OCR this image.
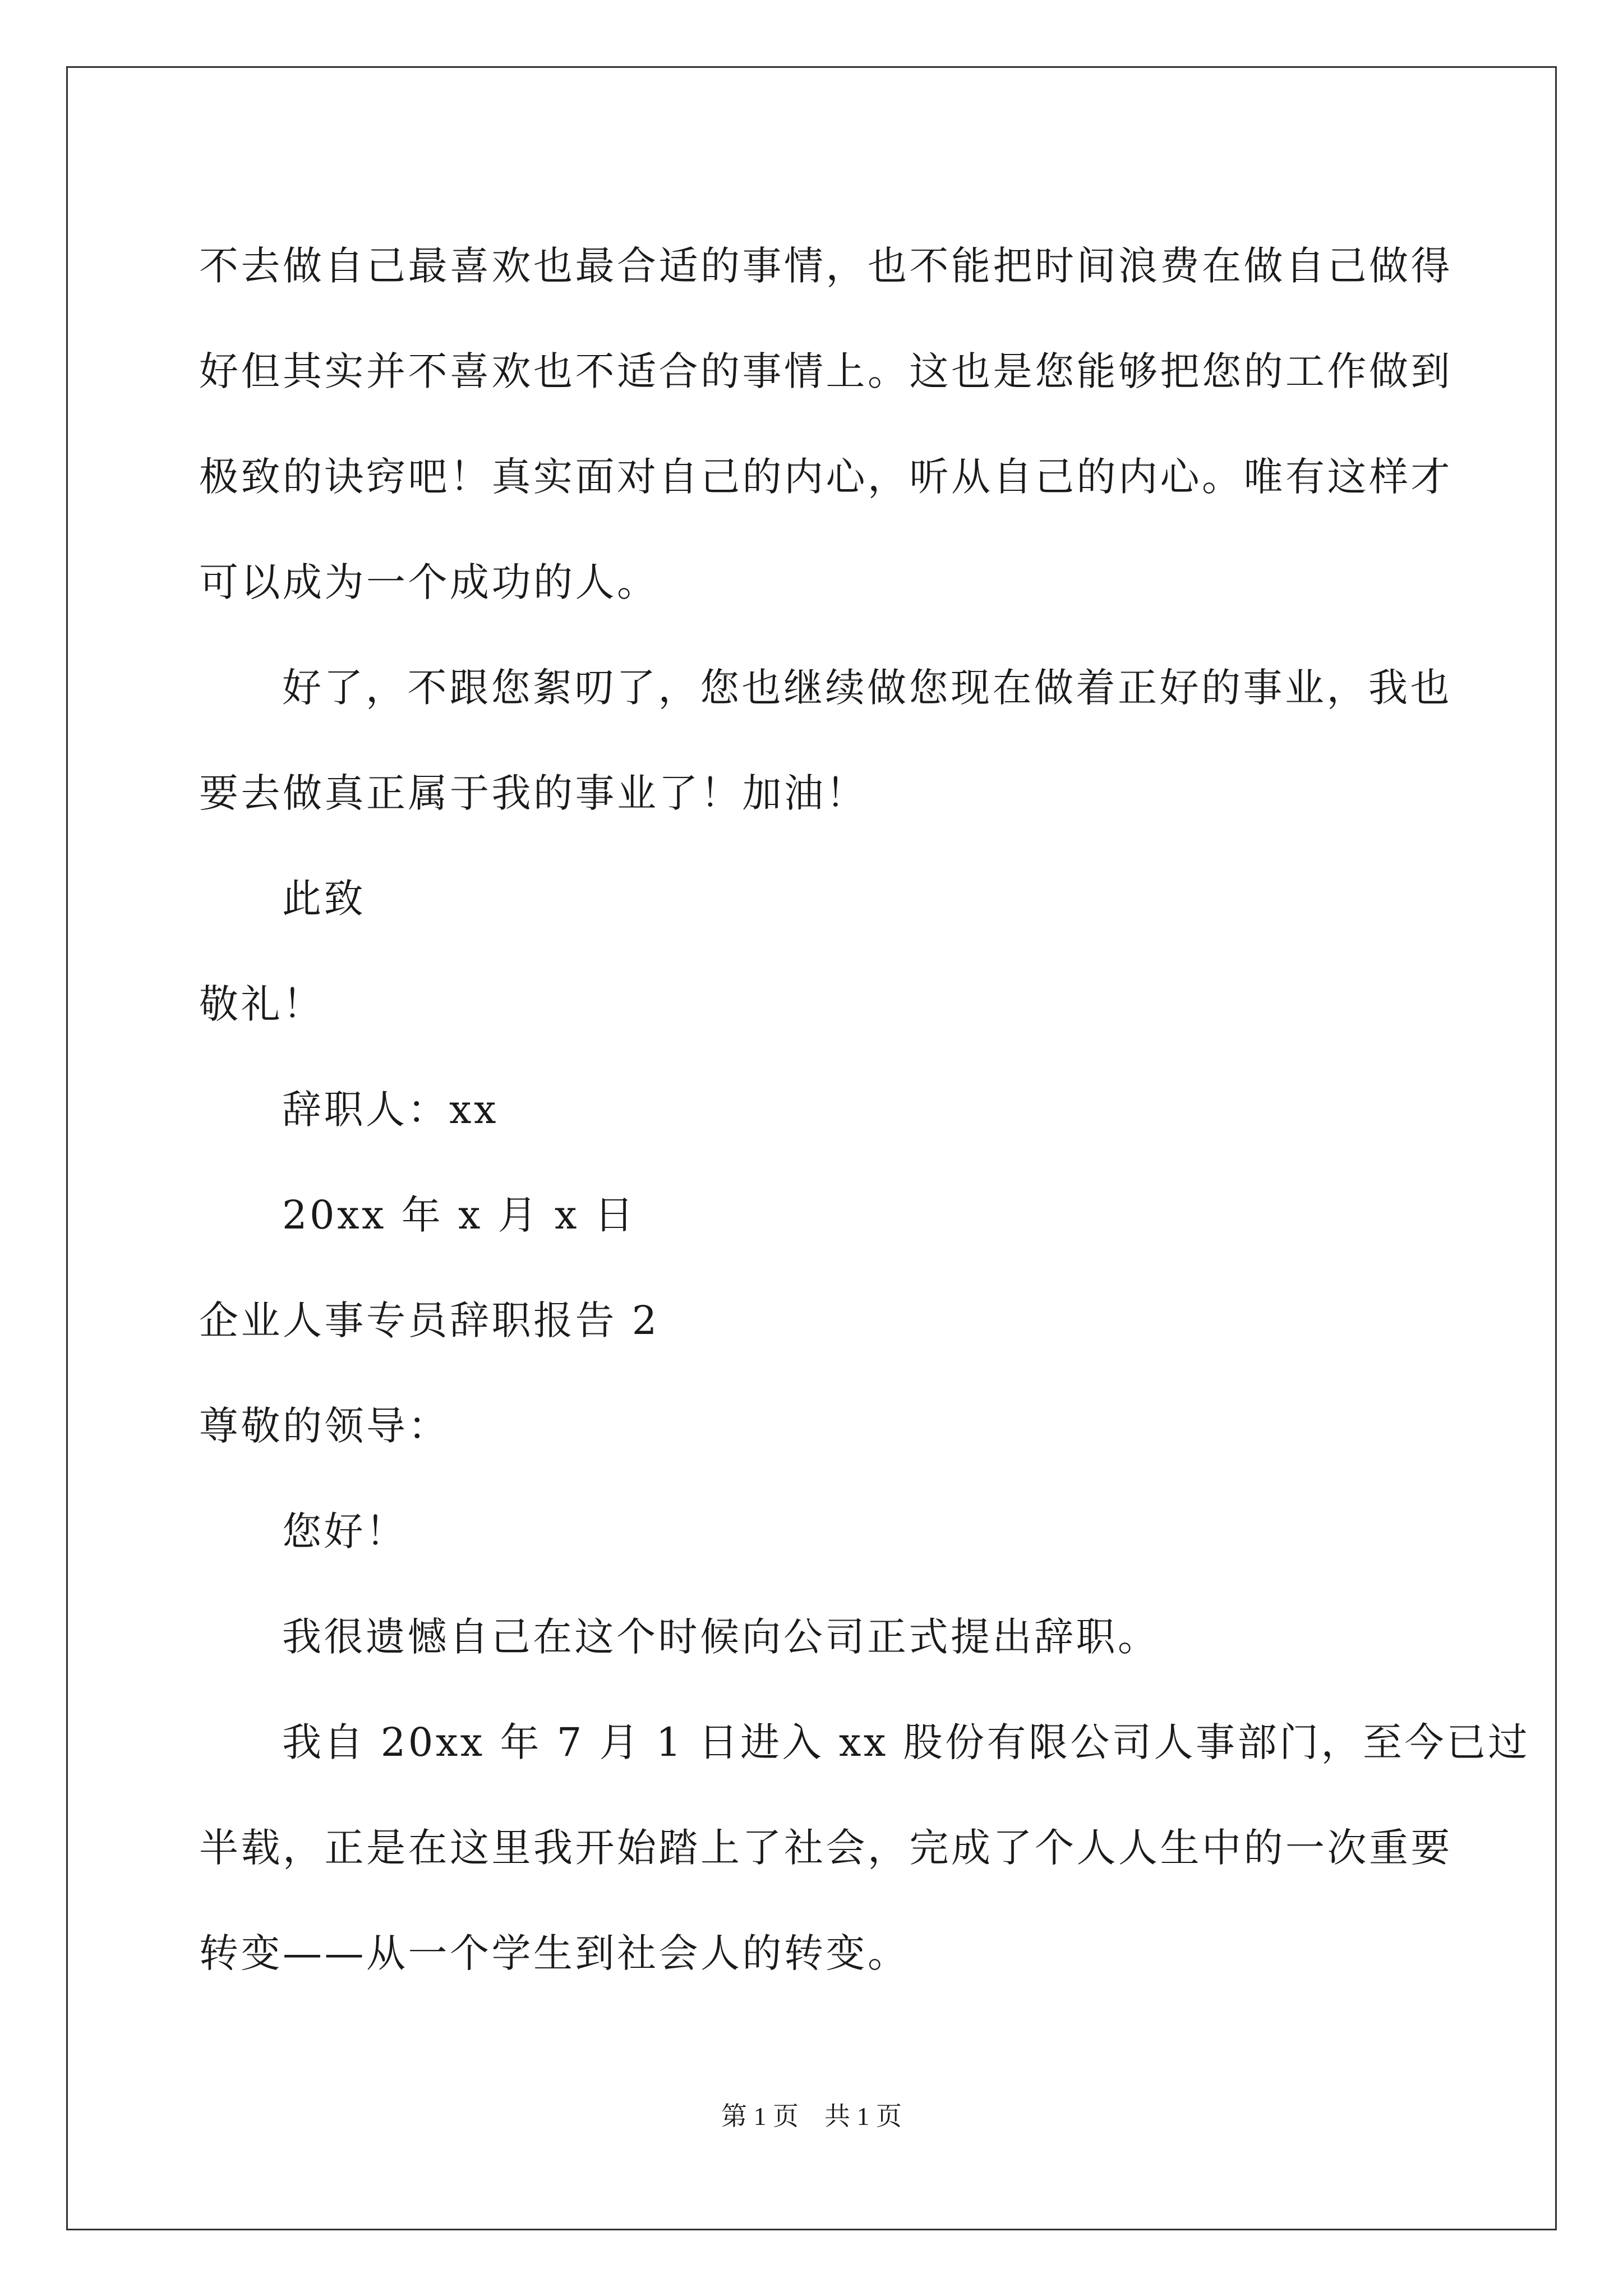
不去做自己最喜欢也最合适的事情，也不能把时间浪费在做自己做得
好但其实并不喜欢也不适合的事情上。这也是您能够把您的工作做到
极致的诀窍吧！真实面对自己的内心，听从自己的内心。唯有这样才
可以成为一个成功的人。
好了，不跟您絮叨了，您也继续做您现在做着正好的事业，我也
要去做真正属于我的事业了！加油！
此致
敬礼！
辞职人：xx
20xx 年 x 月 x 日
企业人事专员辞职报告 2
尊敬的领导：
您好！
我很遗憾自己在这个时候向公司正式提出辞职。
我自 20xx 年 7 月 1 日进入 xx 股份有限公司人事部门，至今已过
半载，正是在这里我开始踏上了社会，完成了个人人生中的一次重要
转变——从一个学生到社会人的转变。
第 1 页    共 1 页
